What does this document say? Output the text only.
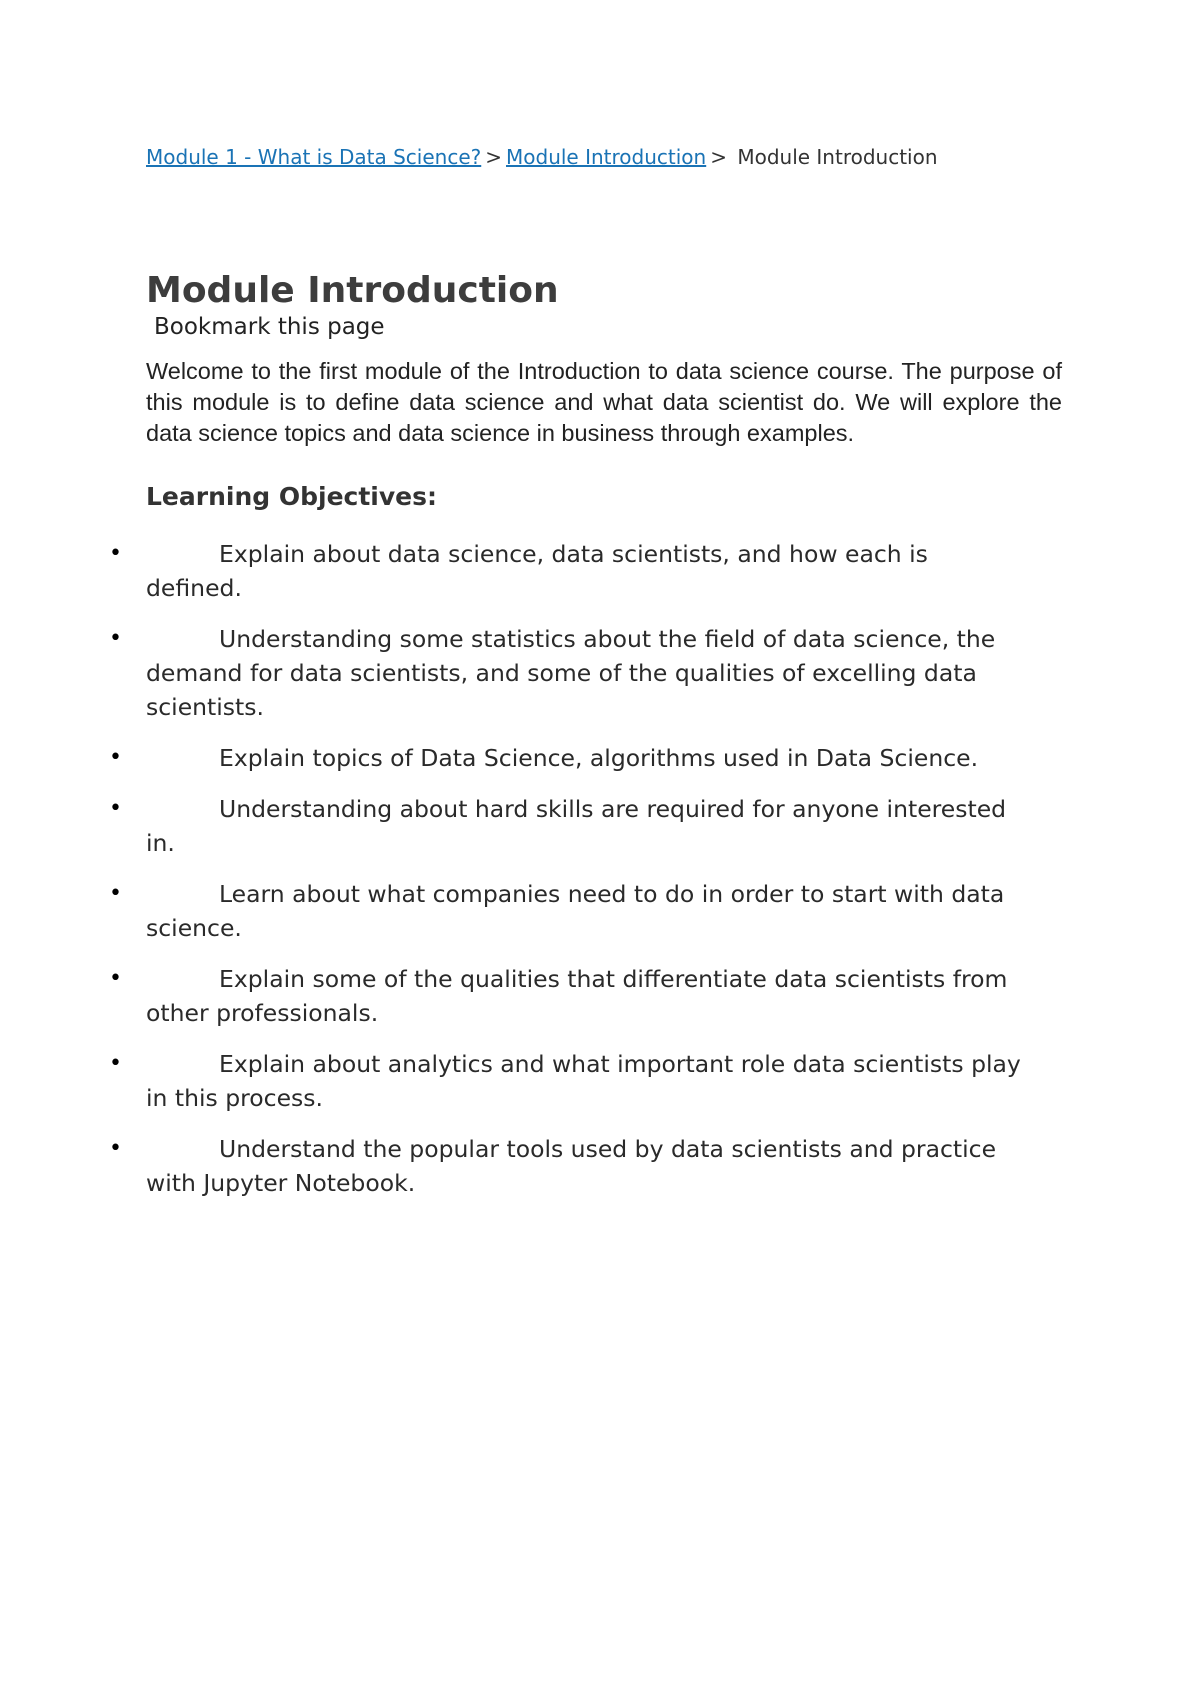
Module 1 - What is Data Science? > Module Introduction > Module Introduction
Module Introduction
Bookmark this page

Welcome to the first module of the Introduction to data science course. The purpose of this module is to define data science and what data scientist do. We will explore the data science topics and data science in business through examples.

Learning Objectives:
•	Explain about data science, data scientists, and how each is defined.
•	Understanding some statistics about the field of data science, the demand for data scientists, and some of the qualities of excelling data scientists.
•	Explain topics of Data Science, algorithms used in Data Science.
•	Understanding about hard skills are required for anyone interested in.
•	Learn about what companies need to do in order to start with data science.
•	Explain some of the qualities that differentiate data scientists from other professionals.
•	Explain about analytics and what important role data scientists play in this process.
•	Understand the popular tools used by data scientists and practice with Jupyter Notebook.
